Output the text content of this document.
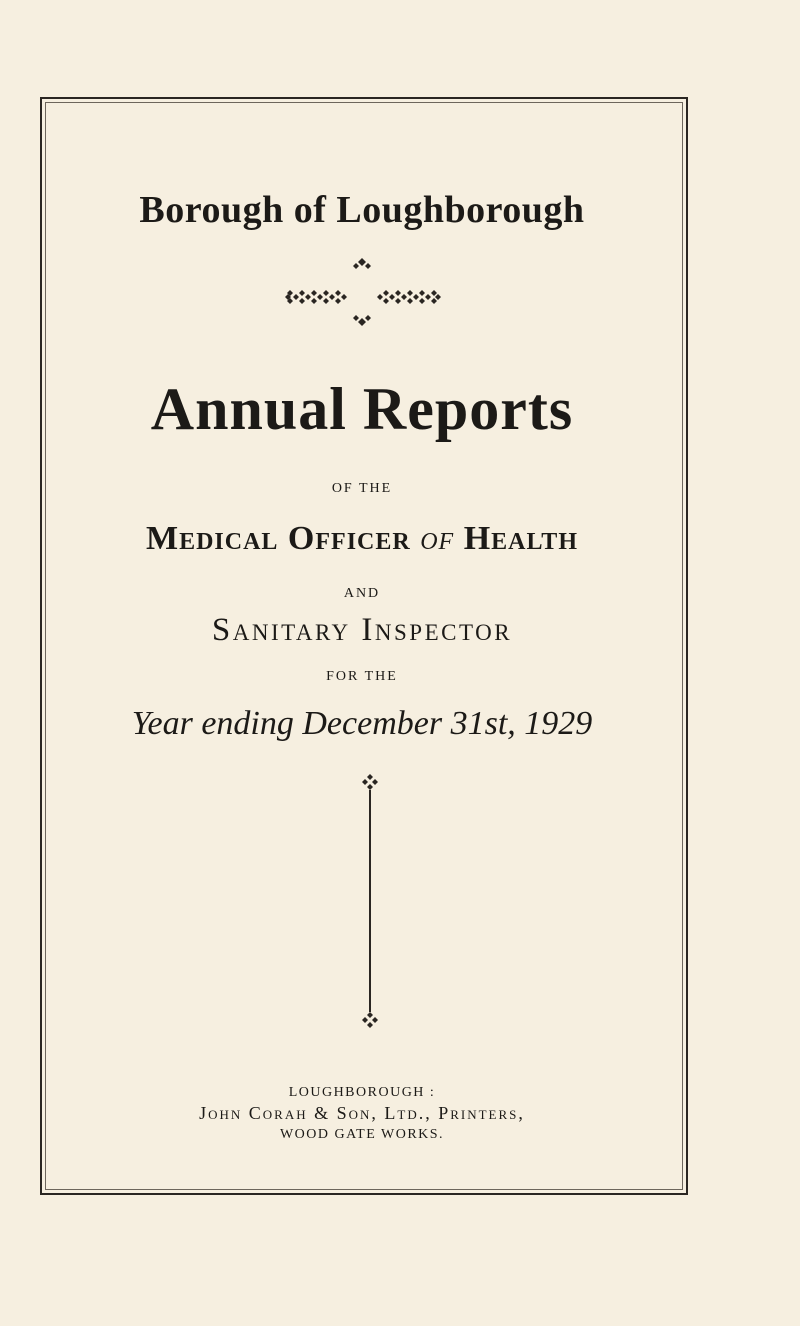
Borough of Loughborough
Annual Reports
OF THE
Medical Officer of Health
AND
Sanitary Inspector
FOR THE
Year ending December 31st, 1929
LOUGHBOROUGH :
John Corah & Son, Ltd., Printers,
WOOD GATE WORKS.
